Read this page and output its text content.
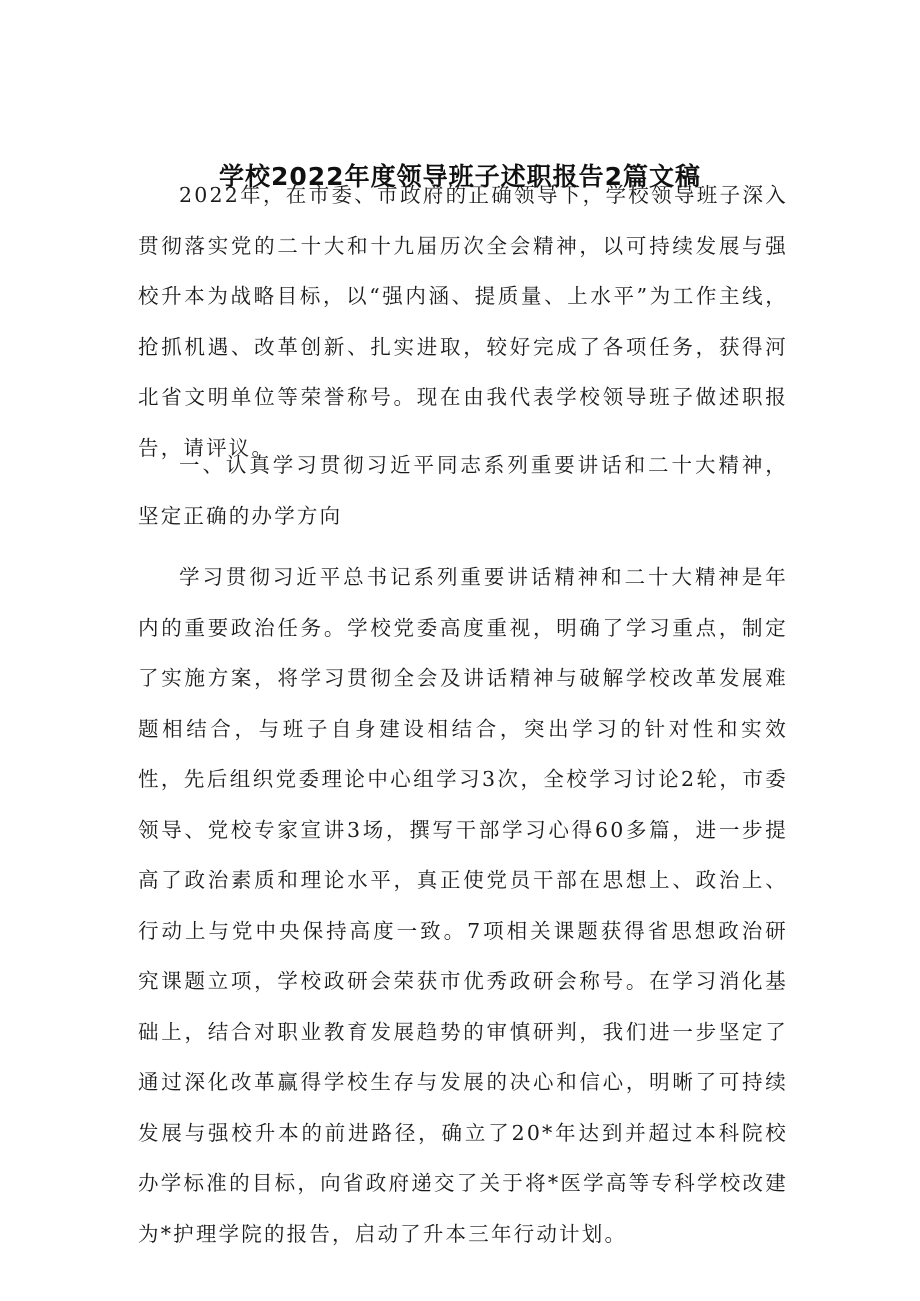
学校2022年度领导班子述职报告2篇文稿

2022年，在市委、市政府的正确领导下，学校领导班子深入贯彻落实党的二十大和十九届历次全会精神，以可持续发展与强校升本为战略目标，以“强内涵、提质量、上水平”为工作主线，抢抓机遇、改革创新、扎实进取，较好完成了各项任务，获得河北省文明单位等荣誉称号。现在由我代表学校领导班子做述职报告，请评议。

一、认真学习贯彻习近平同志系列重要讲话和二十大精神，坚定正确的办学方向

学习贯彻习近平总书记系列重要讲话精神和二十大精神是年内的重要政治任务。学校党委高度重视，明确了学习重点，制定了实施方案，将学习贯彻全会及讲话精神与破解学校改革发展难题相结合，与班子自身建设相结合，突出学习的针对性和实效性，先后组织党委理论中心组学习3次，全校学习讨论2轮，市委领导、党校专家宣讲3场，撰写干部学习心得60多篇，进一步提高了政治素质和理论水平，真正使党员干部在思想上、政治上、行动上与党中央保持高度一致。7项相关课题获得省思想政治研究课题立项，学校政研会荣获市优秀政研会称号。在学习消化基础上，结合对职业教育发展趋势的审慎研判，我们进一步坚定了通过深化改革赢得学校生存与发展的决心和信心，明晰了可持续发展与强校升本的前进路径，确立了20*年达到并超过本科院校办学标准的目标，向省政府递交了关于将*医学高等专科学校改建为*护理学院的报告，启动了升本三年行动计划。
